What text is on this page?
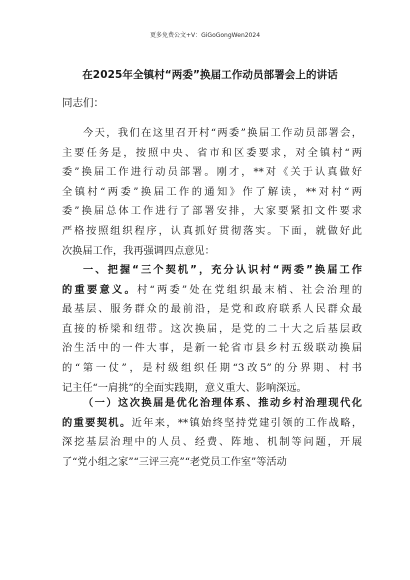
更多免费公文+V：GiGoGongWen2024
在2025年全镇村“两委”换届工作动员部署会上的讲话
同志们：
今天，我们在这里召开村“两委”换届工作动员部署会，
主要任务是，按照中央、省市和区委要求，对全镇村“两
委”换届工作进行动员部署。刚才，**对《关于认真做好
全镇村“两委”换届工作的通知》作了解读，**对村“两
委”换届总体工作进行了部署安排，大家要紧扣文件要求
严格按照组织程序，认真抓好贯彻落实。下面，就做好此
次换届工作，我再强调四点意见：
一、把握“三个契机”，充分认识村“两委”换届工作
的重要意义。村“两委”处在党组织最末梢、社会治理的
最基层、服务群众的最前沿，是党和政府联系人民群众最
直接的桥梁和纽带。这次换届，是党的二十大之后基层政
治生活中的一件大事，是新一轮省市县乡村五级联动换届
的“第一仗”，是村级组织任期“3改5”的分界期、村书
记主任“一肩挑”的全面实践期，意义重大、影响深远。
（一）这次换届是优化治理体系、推动乡村治理现代化
的重要契机。近年来，**镇始终坚持党建引领的工作战略，
深挖基层治理中的人员、经费、阵地、机制等问题，开展
了“党小组之家”“三评三亮”“老党员工作室”等活动
